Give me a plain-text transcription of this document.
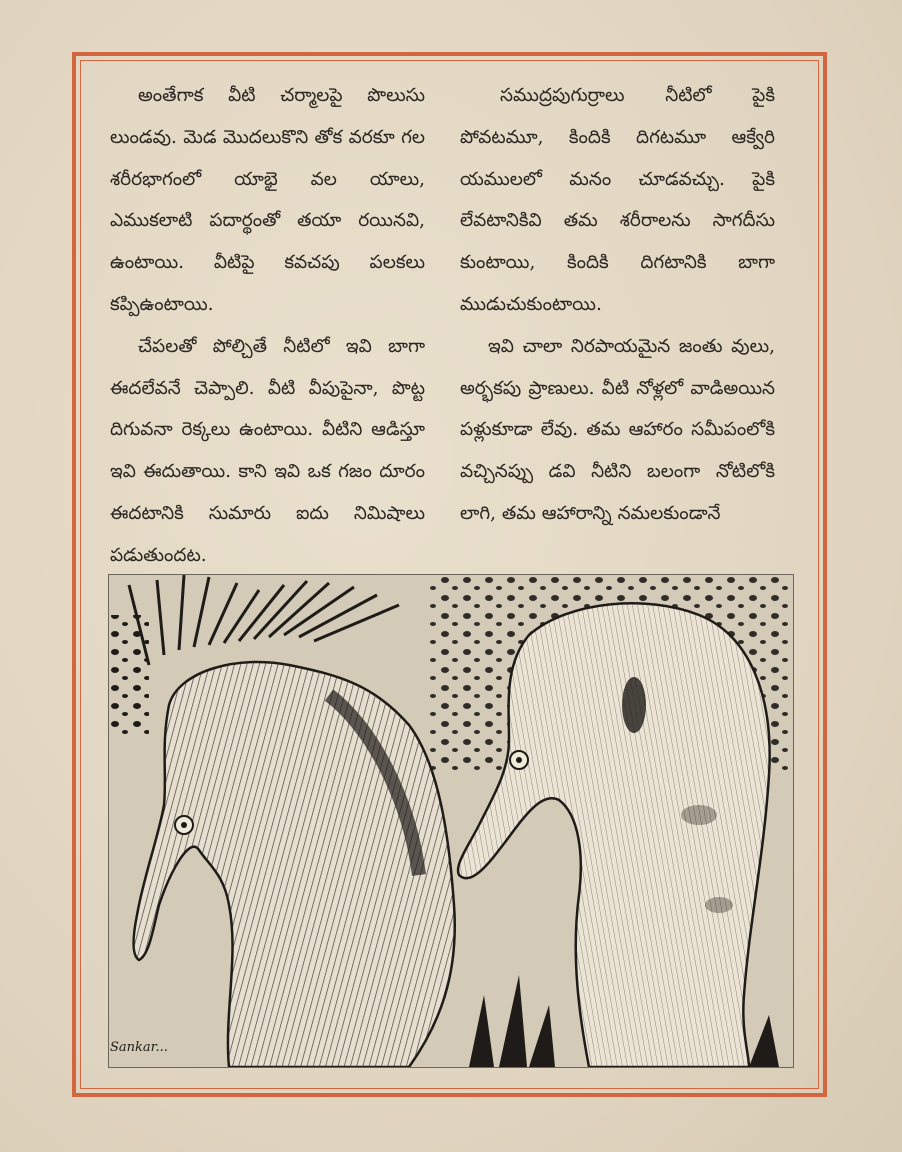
అంతేగాక వీటి చర్మాలపై పొలుసు లుండవు. మెడ మొదలుకొని తోక వరకూ గల శరీరభాగంలో యాభై వల యాలు, ఎముకలాటి పదార్థంతో తయా రయినవి, ఉంటాయి. వీటిపై కవచపు పలకలు కప్పిఉంటాయి.

చేపలతో పోల్చితే నీటిలో ఇవి బాగా ఈదలేవనే చెప్పాలి. వీటి వీపుపైనా, పొట్ట దిగువనా రెక్కలు ఉంటాయి. వీటిని ఆడిస్తూ ఇవి ఈదుతాయి. కాని ఇవి ఒక గజం దూరం ఈదటానికి సుమారు ఐదు నిమిషాలు పడుతుందట.

సముద్రపుగుర్రాలు నీటిలో పైకి పోవటమూ, కిందికి దిగటమూ ఆక్వేరి యములలో మనం చూడవచ్చు. పైకి లేవటానికివి తమ శరీరాలను సాగదీసు కుంటాయి, కిందికి దిగటానికి బాగా ముడుచుకుంటాయి.

ఇవి చాలా నిరపాయమైన జంతు వులు, అర్భకపు ప్రాణులు. వీటి నోళ్లలో వాడిఅయిన పళ్లుకూడా లేవు. తమ ఆహారం సమీపంలోకి వచ్చినప్పు డవి నీటిని బలంగా నోటిలోకి లాగి, తమ ఆహారాన్ని నమలకుండానే

Sankar...
